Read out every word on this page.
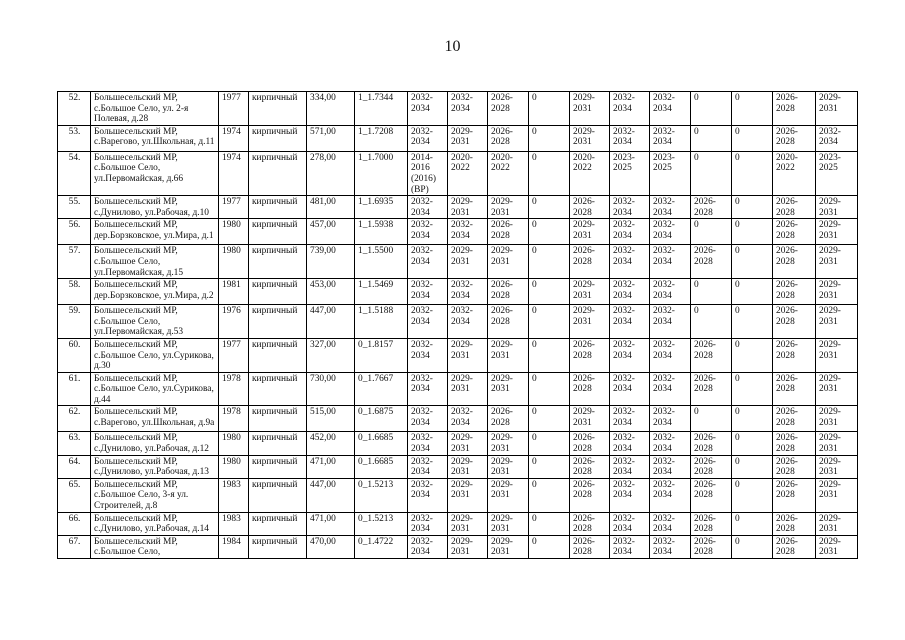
10
52.	Большесельский МР, с.Большое Село, ул. 2-я Полевая, д.28	1977	кирпичный	334,00	1_1.7344	2032-2034	2032-2034	2026-2028	0	2029-2031	2032-2034	2032-2034	0	0	2026-2028	2029-2031
53.	Большесельский МР, с.Варегово, ул.Школьная, д.11	1974	кирпичный	571,00	1_1.7208	2032-2034	2029-2031	2026-2028	0	2029-2031	2032-2034	2032-2034	0	0	2026-2028	2032-2034
54.	Большесельский МР, с.Большое Село, ул.Первомайская, д.66	1974	кирпичный	278,00	1_1.7000	2014-2016 (2016) (ВР)	2020-2022	2020-2022	0	2020-2022	2023-2025	2023-2025	0	0	2020-2022	2023-2025
55.	Большесельский МР, с.Дунилово, ул.Рабочая, д.10	1977	кирпичный	481,00	1_1.6935	2032-2034	2029-2031	2029-2031	0	2026-2028	2032-2034	2032-2034	2026-2028	0	2026-2028	2029-2031
56.	Большесельский МР, дер.Борзковское, ул.Мира, д.1	1980	кирпичный	457,00	1_1.5938	2032-2034	2032-2034	2026-2028	0	2029-2031	2032-2034	2032-2034	0	0	2026-2028	2029-2031
57.	Большесельский МР, с.Большое Село, ул.Первомайская, д.15	1980	кирпичный	739,00	1_1.5500	2032-2034	2029-2031	2029-2031	0	2026-2028	2032-2034	2032-2034	2026-2028	0	2026-2028	2029-2031
58.	Большесельский МР, дер.Борзковское, ул.Мира, д.2	1981	кирпичный	453,00	1_1.5469	2032-2034	2032-2034	2026-2028	0	2029-2031	2032-2034	2032-2034	0	0	2026-2028	2029-2031
59.	Большесельский МР, с.Большое Село, ул.Первомайская, д.53	1976	кирпичный	447,00	1_1.5188	2032-2034	2032-2034	2026-2028	0	2029-2031	2032-2034	2032-2034	0	0	2026-2028	2029-2031
60.	Большесельский МР, с.Большое Село, ул.Сурикова, д.30	1977	кирпичный	327,00	0_1.8157	2032-2034	2029-2031	2029-2031	0	2026-2028	2032-2034	2032-2034	2026-2028	0	2026-2028	2029-2031
61.	Большесельский МР, с.Большое Село, ул.Сурикова, д.44	1978	кирпичный	730,00	0_1.7667	2032-2034	2029-2031	2029-2031	0	2026-2028	2032-2034	2032-2034	2026-2028	0	2026-2028	2029-2031
62.	Большесельский МР, с.Варегово, ул.Школьная, д.9а	1978	кирпичный	515,00	0_1.6875	2032-2034	2032-2034	2026-2028	0	2029-2031	2032-2034	2032-2034	0	0	2026-2028	2029-2031
63.	Большесельский МР, с.Дунилово, ул.Рабочая, д.12	1980	кирпичный	452,00	0_1.6685	2032-2034	2029-2031	2029-2031	0	2026-2028	2032-2034	2032-2034	2026-2028	0	2026-2028	2029-2031
64.	Большесельский МР, с.Дунилово, ул.Рабочая, д.13	1980	кирпичный	471,00	0_1.6685	2032-2034	2029-2031	2029-2031	0	2026-2028	2032-2034	2032-2034	2026-2028	0	2026-2028	2029-2031
65.	Большесельский МР, с.Большое Село, 3-я ул. Строителей, д.8	1983	кирпичный	447,00	0_1.5213	2032-2034	2029-2031	2029-2031	0	2026-2028	2032-2034	2032-2034	2026-2028	0	2026-2028	2029-2031
66.	Большесельский МР, с.Дунилово, ул.Рабочая, д.14	1983	кирпичный	471,00	0_1.5213	2032-2034	2029-2031	2029-2031	0	2026-2028	2032-2034	2032-2034	2026-2028	0	2026-2028	2029-2031
67.	Большесельский МР, с.Большое Село,	1984	кирпичный	470,00	0_1.4722	2032-2034	2029-2031	2029-2031	0	2026-2028	2032-2034	2032-2034	2026-2028	0	2026-2028	2029-2031
